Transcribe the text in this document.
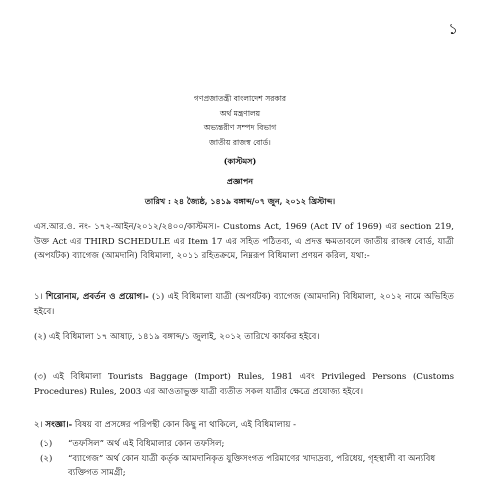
১
গণপ্রজাতন্ত্রী বাংলাদেশ সরকার
অর্থ মন্ত্রণালয়
অভ্যন্তরীণ সম্পদ বিভাগ
জাতীয় রাজস্ব বোর্ড।
(কাস্টমস)
প্রজ্ঞাপন
তারিখ : ২৪ জ্যৈষ্ঠ, ১৪১৯ বঙ্গাব্দ/০৭ জুন, ২০১২ খ্রিস্টাব্দ।
এস.আর.ও. নং- ১৭২-আইন/২০১২/২৪০০/কাস্টমস।- Customs Act, 1969 (Act IV of 1969) এর section 219, উক্ত Act এর THIRD SCHEDULE এর Item 17 এর সহিত পঠিতব্য, এ প্রদত্ত ক্ষমতাবলে জাতীয় রাজস্ব বোর্ড, যাত্রী (অপর্যটক) ব্যাগেজ (আমদানি) বিধিমালা, ২০১১ রহিতক্রমে, নিম্নরূপ বিধিমালা প্রণয়ন করিল, যথা:-
১। শিরোনাম, প্রবর্তন ও প্রয়োগ।- (১) এই বিধিমালা যাত্রী (অপর্যটক) ব্যাগেজ (আমদানি) বিধিমালা, ২০১২ নামে অভিহিত হইবে।
(২) এই বিধিমালা ১৭ আষাঢ়, ১৪১৯ বঙ্গাব্দ/১ জুলাই, ২০১২ তারিখে কার্যকর হইবে।
(৩) এই বিধিমালা Tourists Baggage (Import) Rules, 1981 এবং Privileged Persons (Customs Procedures) Rules, 2003 এর আওতাভুক্ত যাত্রী ব্যতীত সকল যাত্রীর ক্ষেত্রে প্রযোজ্য হইবে।
২। সংজ্ঞা।- বিষয় বা প্রসঙ্গের পরিপন্থী কোন কিছু না থাকিলে, এই বিধিমালায় -
(১)	“তফসিল” অর্থ এই বিধিমালার কোন তফসিল;
(২)	“ব্যাগেজ” অর্থ কোন যাত্রী কর্তৃক আমদানিকৃত যুক্তিসংগত পরিমাণের খাদ্যদ্রব্য, পরিধেয়, গৃহস্থালী বা অন্যবিধ ব্যক্তিগত সামগ্রী;
